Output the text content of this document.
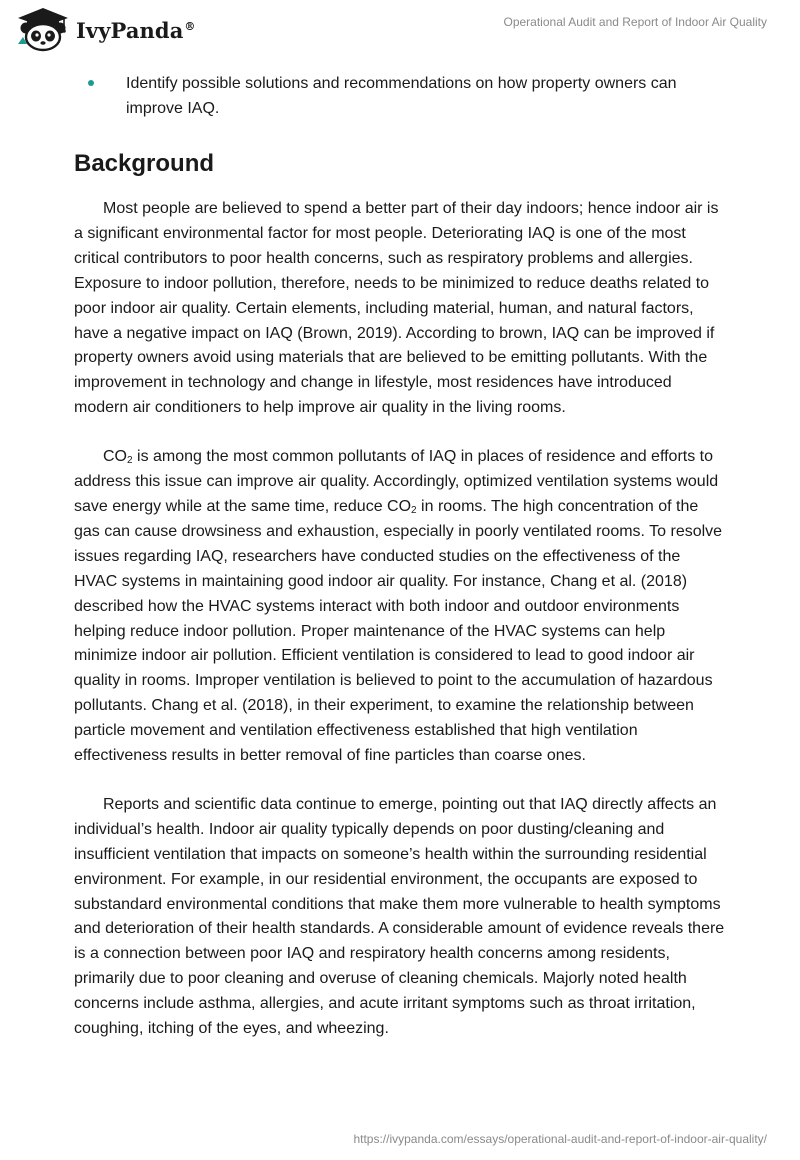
IvyPanda®	Operational Audit and Report of Indoor Air Quality
Identify possible solutions and recommendations on how property owners can improve IAQ.
Background

Most people are believed to spend a better part of their day indoors; hence indoor air is a significant environmental factor for most people. Deteriorating IAQ is one of the most critical contributors to poor health concerns, such as respiratory problems and allergies. Exposure to indoor pollution, therefore, needs to be minimized to reduce deaths related to poor indoor air quality. Certain elements, including material, human, and natural factors, have a negative impact on IAQ (Brown, 2019). According to brown, IAQ can be improved if property owners avoid using materials that are believed to be emitting pollutants. With the improvement in technology and change in lifestyle, most residences have introduced modern air conditioners to help improve air quality in the living rooms.

$CO_2$ is among the most common pollutants of IAQ in places of residence and efforts to address this issue can improve air quality. Accordingly, optimized ventilation systems would save energy while at the same time, reduce $CO_2$ in rooms. The high concentration of the gas can cause drowsiness and exhaustion, especially in poorly ventilated rooms. To resolve issues regarding IAQ, researchers have conducted studies on the effectiveness of the HVAC systems in maintaining good indoor air quality. For instance, Chang et al. (2018) described how the HVAC systems interact with both indoor and outdoor environments helping reduce indoor pollution. Proper maintenance of the HVAC systems can help minimize indoor air pollution. Efficient ventilation is considered to lead to good indoor air quality in rooms. Improper ventilation is believed to point to the accumulation of hazardous pollutants. Chang et al. (2018), in their experiment, to examine the relationship between particle movement and ventilation effectiveness established that high ventilation effectiveness results in better removal of fine particles than coarse ones.

Reports and scientific data continue to emerge, pointing out that IAQ directly affects an individual’s health. Indoor air quality typically depends on poor dusting/cleaning and insufficient ventilation that impacts on someone’s health within the surrounding residential environment. For example, in our residential environment, the occupants are exposed to substandard environmental conditions that make them more vulnerable to health symptoms and deterioration of their health standards. A considerable amount of evidence reveals there is a connection between poor IAQ and respiratory health concerns among residents, primarily due to poor cleaning and overuse of cleaning chemicals. Majorly noted health concerns include asthma, allergies, and acute irritant symptoms such as throat irritation, coughing, itching of the eyes, and wheezing.

https://ivypanda.com/essays/operational-audit-and-report-of-indoor-air-quality/
